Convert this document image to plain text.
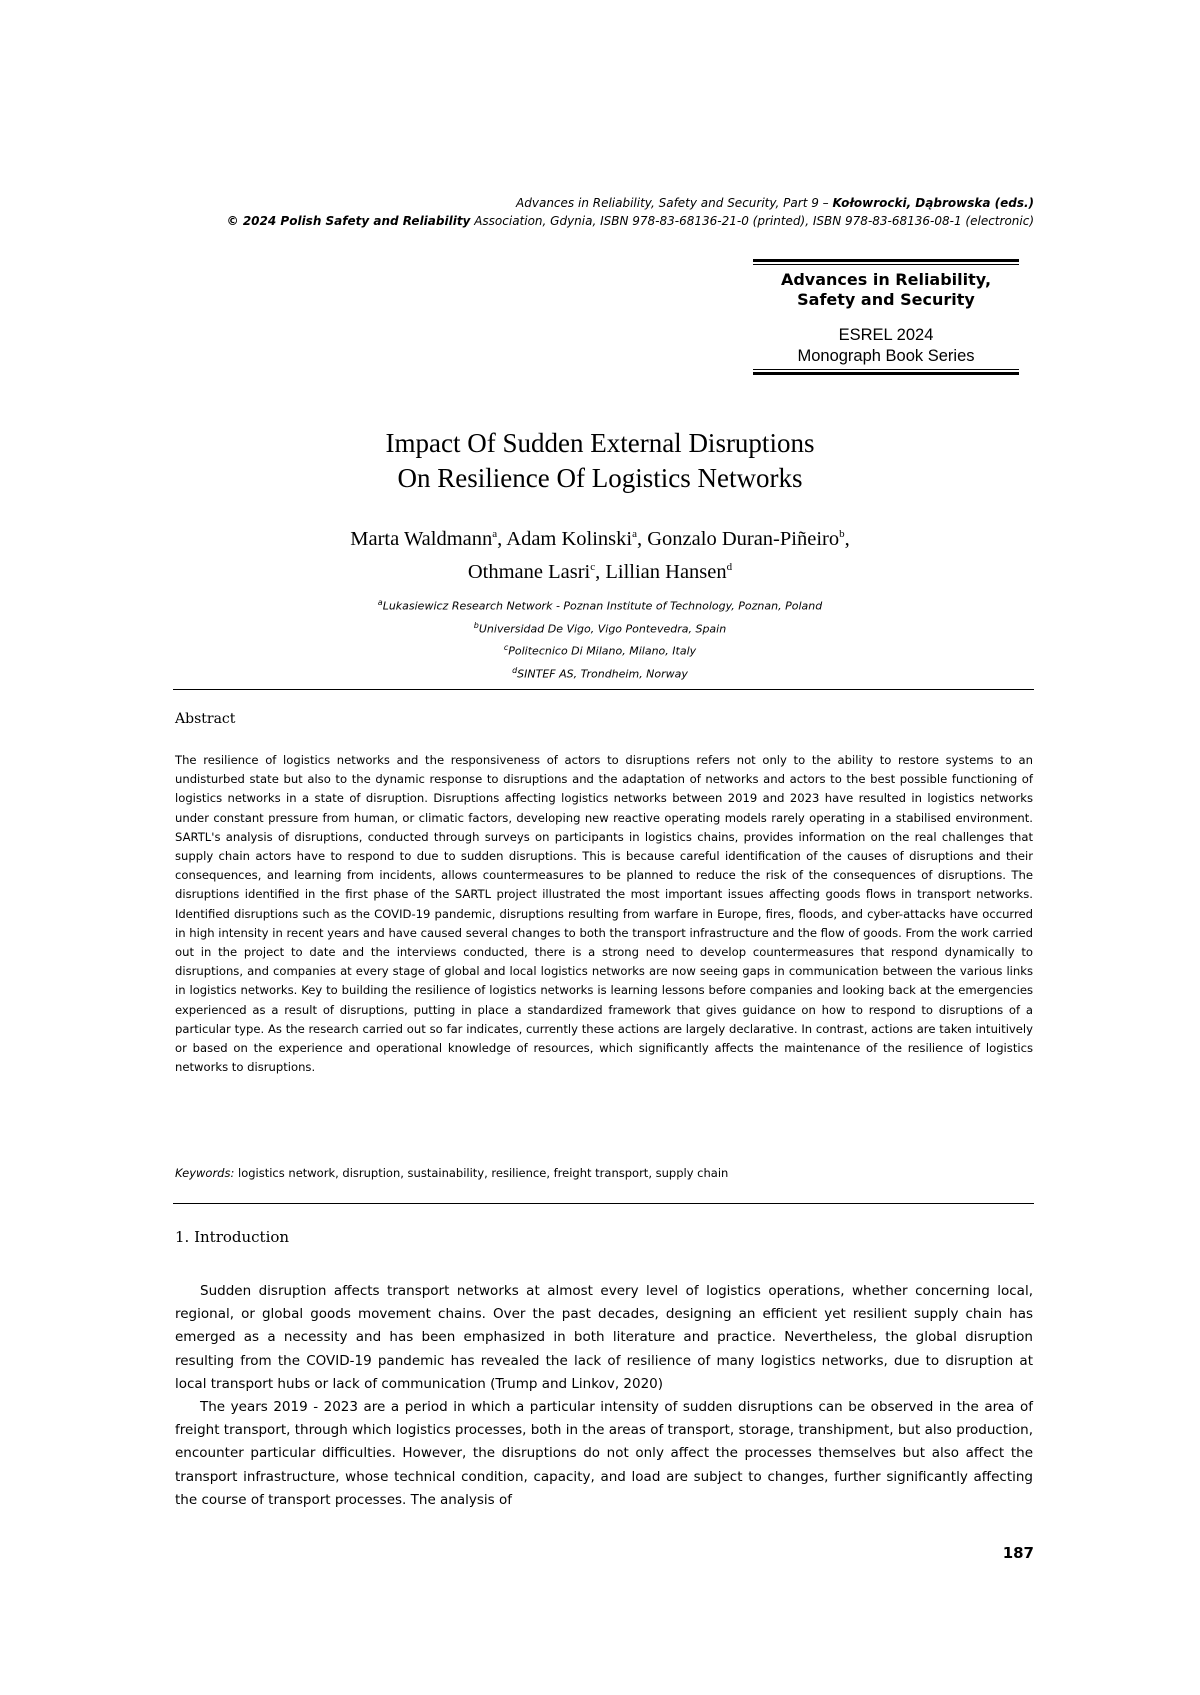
Advances in Reliability, Safety and Security, Part 9 – Kołowrocki, Dąbrowska (eds.)
© 2024 Polish Safety and Reliability Association, Gdynia, ISBN 978-83-68136-21-0 (printed), ISBN 978-83-68136-08-1 (electronic)
Advances in Reliability,
Safety and Security
ESREL 2024
Monograph Book Series
Impact Of Sudden External Disruptions
On Resilience Of Logistics Networks
Marta Waldmann$^a$, Adam Kolinski$^a$, Gonzalo Duran-Piñeiro$^b$,
Othmane Lasri$^c$, Lillian Hansen$^d$
$^a$Lukasiewicz Research Network - Poznan Institute of Technology, Poznan, Poland
$^b$Universidad De Vigo, Vigo Pontevedra, Spain
$^c$Politecnico Di Milano, Milano, Italy
$^d$SINTEF AS, Trondheim, Norway
Abstract
The resilience of logistics networks and the responsiveness of actors to disruptions refers not only to the ability to restore systems to an undisturbed state but also to the dynamic response to disruptions and the adaptation of networks and actors to the best possible functioning of logistics networks in a state of disruption. Disruptions affecting logistics networks between 2019 and 2023 have resulted in logistics networks under constant pressure from human, or climatic factors, developing new reactive operating models rarely operating in a stabilised environment. SARTL's analysis of disruptions, conducted through surveys on participants in logistics chains, provides information on the real challenges that supply chain actors have to respond to due to sudden disruptions. This is because careful identification of the causes of disruptions and their consequences, and learning from incidents, allows countermeasures to be planned to reduce the risk of the consequences of disruptions. The disruptions identified in the first phase of the SARTL project illustrated the most important issues affecting goods flows in transport networks. Identified disruptions such as the COVID-19 pandemic, disruptions resulting from warfare in Europe, fires, floods, and cyber-attacks have occurred in high intensity in recent years and have caused several changes to both the transport infrastructure and the flow of goods. From the work carried out in the project to date and the interviews conducted, there is a strong need to develop countermeasures that respond dynamically to disruptions, and companies at every stage of global and local logistics networks are now seeing gaps in communication between the various links in logistics networks. Key to building the resilience of logistics networks is learning lessons before companies and looking back at the emergencies experienced as a result of disruptions, putting in place a standardized framework that gives guidance on how to respond to disruptions of a particular type. As the research carried out so far indicates, currently these actions are largely declarative. In contrast, actions are taken intuitively or based on the experience and operational knowledge of resources, which significantly affects the maintenance of the resilience of logistics networks to disruptions.
Keywords: logistics network, disruption, sustainability, resilience, freight transport, supply chain
1. Introduction

Sudden disruption affects transport networks at almost every level of logistics operations, whether concerning local, regional, or global goods movement chains. Over the past decades, designing an efficient yet resilient supply chain has emerged as a necessity and has been emphasized in both literature and practice. Nevertheless, the global disruption resulting from the COVID-19 pandemic has revealed the lack of resilience of many logistics networks, due to disruption at local transport hubs or lack of communication (Trump and Linkov, 2020)

The years 2019 - 2023 are a period in which a particular intensity of sudden disruptions can be observed in the area of freight transport, through which logistics processes, both in the areas of transport, storage, transhipment, but also production, encounter particular difficulties. However, the disruptions do not only affect the processes themselves but also affect the transport infrastructure, whose technical condition, capacity, and load are subject to changes, further significantly affecting the course of transport processes. The analysis of

187
